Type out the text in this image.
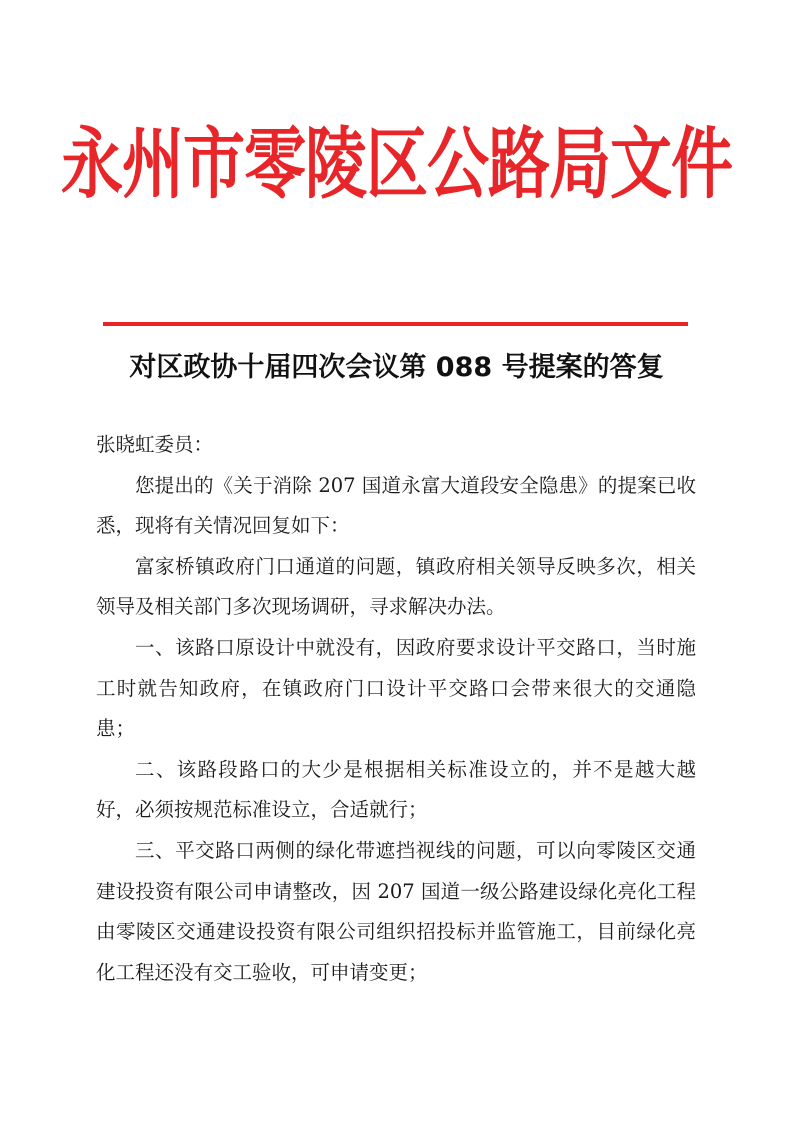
永州市零陵区公路局文件
对区政协十届四次会议第 088 号提案的答复

张晓虹委员：

您提出的《关于消除 207 国道永富大道段安全隐患》的提案已收悉，现将有关情况回复如下：

富家桥镇政府门口通道的问题，镇政府相关领导反映多次，相关领导及相关部门多次现场调研，寻求解决办法。

一、该路口原设计中就没有，因政府要求设计平交路口，当时施工时就告知政府，在镇政府门口设计平交路口会带来很大的交通隐患；

二、该路段路口的大少是根据相关标准设立的，并不是越大越好，必须按规范标准设立，合适就行；

三、平交路口两侧的绿化带遮挡视线的问题，可以向零陵区交通建设投资有限公司申请整改，因 207 国道一级公路建设绿化亮化工程由零陵区交通建设投资有限公司组织招投标并监管施工，目前绿化亮化工程还没有交工验收，可申请变更；
